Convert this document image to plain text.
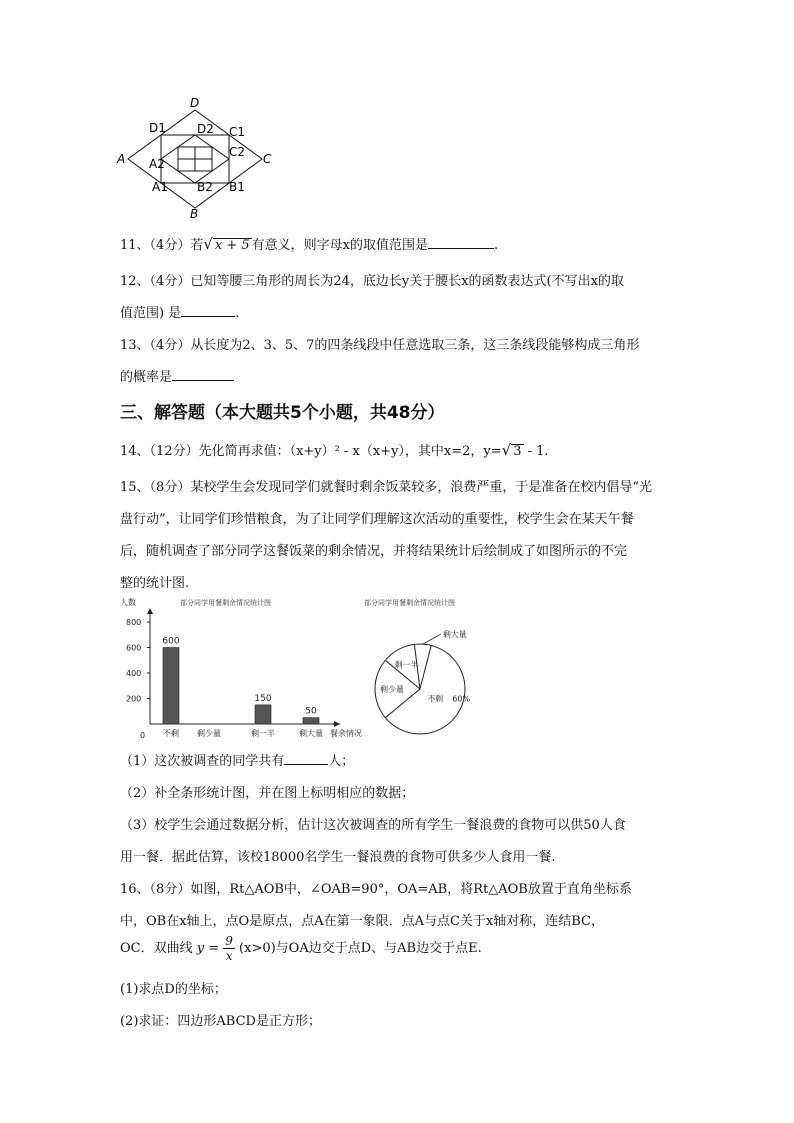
D
D1	D2 C1
C2
A A2	C
A1 B2 B1
B
11、（4分）若√ x + 5 有意义，则字母x的取值范围是	.
12、（4分）已知等腰三角形的周长为24，底边长y关于腰长x的函数表达式(不写出x的取
值范围) 是	.
13、（4分）从长度为2、3、5、7的四条线段中任意选取三条，这三条线段能够构成三角形
的概率是
三、解答题（本大题共5个小题，共48分）
14、（12分）先化简再求值：（x+y）² - x（x+y），其中x=2，y=√ 3 - 1.
15、（8分）某校学生会发现同学们就餐时剩余饭菜较多，浪费严重，于是准备在校内倡导“光
盘行动”，让同学们珍惜粮食，为了让同学们理解这次活动的重要性，校学生会在某天午餐
后，随机调查了部分同学这餐饭菜的剩余情况，并将结果统计后绘制成了如图所示的不完
整的统计图.
部分同学用餐剩余情况统计图
人数
0
200
400
600
800
不剩
600
剩少量	剩一半
150
剩大量
50
餐余情况
部分同学用餐剩余情况统计图
不剩 60%
剩少量
剩一半
剩大量
（1）这次被调查的同学共有	人；
（2）补全条形统计图，并在图上标明相应的数据；
（3）校学生会通过数据分析，估计这次被调查的所有学生一餐浪费的食物可以供50人食
用一餐．据此估算，该校18000名学生一餐浪费的食物可供多少人食用一餐.
16、（8分）如图，Rt△AOB中，∠OAB=90°，OA=AB，将Rt△AOB放置于直角坐标系
中，OB在x轴上，点O是原点，点A在第一象限．点A与点C关于x轴对称，连结BC，
OC．双曲线 $y = \frac{9}{x} (x>0)$与OA边交于点D、与AB边交于点E.
(1)求点D的坐标；
(2)求证：四边形ABCD是正方形；
